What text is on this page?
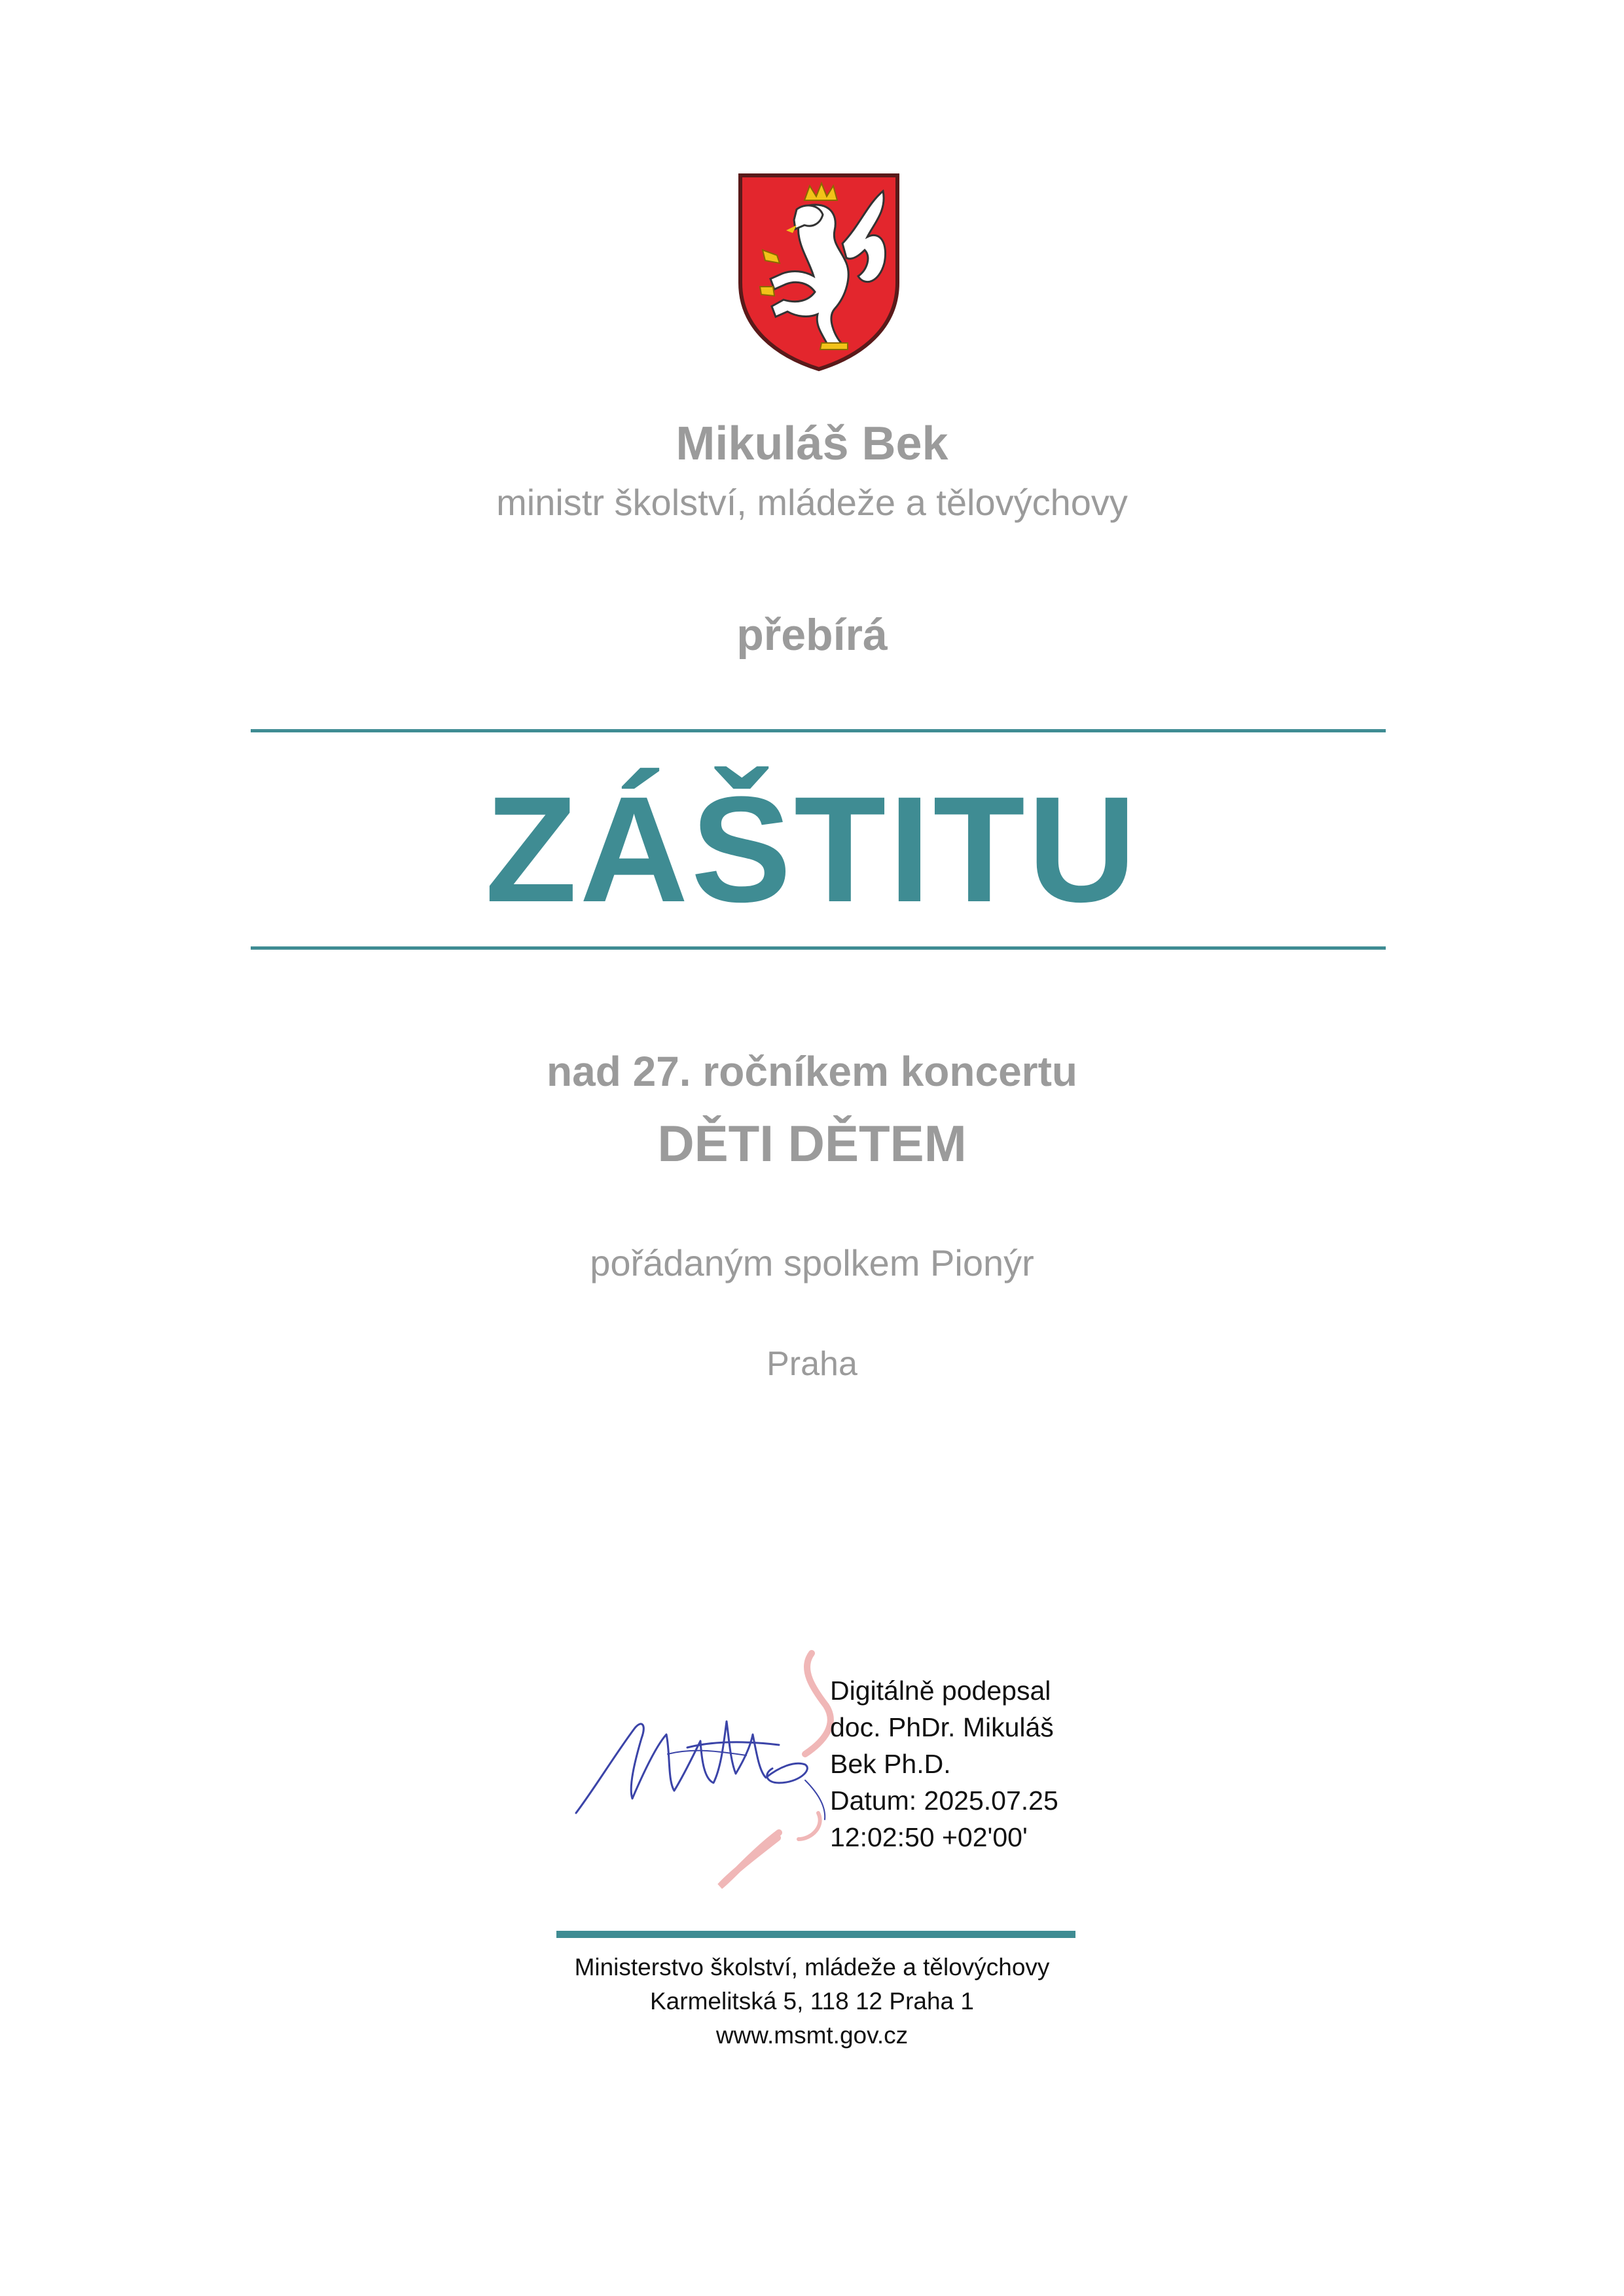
Mikuláš Bek
ministr školství, mládeže a tělovýchovy
přebírá
ZÁŠTITU
nad 27. ročníkem koncertu
DĚTI DĚTEM
pořádaným spolkem Pionýr
Praha
Digitálně podepsal
doc. PhDr. Mikuláš
Bek Ph.D.
Datum: 2025.07.25
12:02:50 +02'00'
Ministerstvo školství, mládeže a tělovýchovy
Karmelitská 5, 118 12 Praha 1
www.msmt.gov.cz
